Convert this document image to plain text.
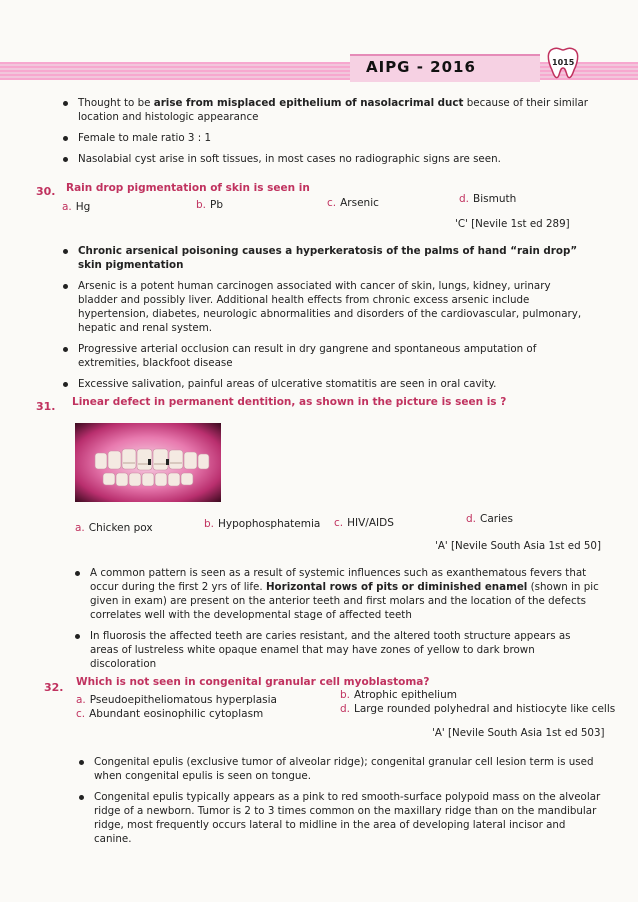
AIPG - 2016	1015
Thought to be arise from misplaced epithelium of nasolacrimal duct because of their similar location and histologic appearance
Female to male ratio 3 : 1
Nasolabial cyst arise in soft tissues, in most cases no radiographic signs are seen.
30. Rain drop pigmentation of skin is seen in
a. Hg	b. Pb	c. Arsenic	d. Bismuth
'C' [Nevile 1st ed 289]
Chronic arsenical poisoning causes a hyperkeratosis of the palms of hand “rain drop” skin pigmentation
Arsenic is a potent human carcinogen associated with cancer of skin, lungs, kidney, urinary bladder and possibly liver. Additional health effects from chronic excess arsenic include hypertension, diabetes, neurologic abnormalities and disorders of the cardiovascular, pulmonary, hepatic and renal system.
Progressive arterial occlusion can result in dry gangrene and spontaneous amputation of extremities, blackfoot disease
Excessive salivation, painful areas of ulcerative stomatitis are seen in oral cavity.
31. Linear defect in permanent dentition, as shown in the picture is seen is ?
a. Chicken pox	b. Hypophosphatemia c. HIV/AIDS	d. Caries
'A' [Nevile South Asia 1st ed 50]
A common pattern is seen as a result of systemic influences such as exanthematous fevers that occur during the first 2 yrs of life. Horizontal rows of pits or diminished enamel (shown in pic given in exam) are present on the anterior teeth and first molars and the location of the defects correlates well with the developmental stage of affected teeth
In fluorosis the affected teeth are caries resistant, and the altered tooth structure appears as areas of lustreless white opaque enamel that may have zones of yellow to dark brown discoloration
32. Which is not seen in congenital granular cell myoblastoma?
a. Pseudoepitheliomatous hyperplasia	b. Atrophic epithelium
c. Abundant eosinophilic cytoplasm	d. Large rounded polyhedral and histiocyte like cells
'A' [Nevile South Asia 1st ed 503]
Congenital epulis (exclusive tumor of alveolar ridge); congenital granular cell lesion term is used when congenital epulis is seen on tongue.
Congenital epulis typically appears as a pink to red smooth-surface polypoid mass on the alveolar ridge of a newborn. Tumor is 2 to 3 times common on the maxillary ridge than on the mandibular ridge, most frequently occurs lateral to midline in the area of developing lateral incisor and canine.
